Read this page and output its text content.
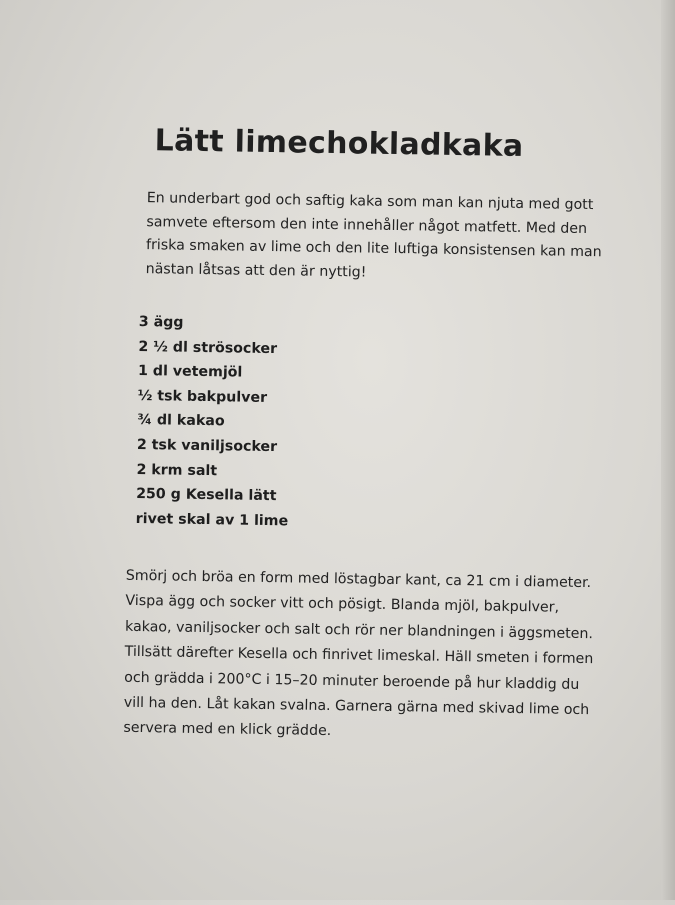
Lätt limechokladkaka

En underbart god och saftig kaka som man kan njuta med gott
samvete eftersom den inte innehåller något matfett. Med den
friska smaken av lime och den lite luftiga konsistensen kan man
nästan låtsas att den är nyttig!

3 ägg
2 ½ dl strösocker
1 dl vetemjöl
½ tsk bakpulver
¾ dl kakao
2 tsk vaniljsocker
2 krm salt
250 g Kesella lätt
rivet skal av 1 lime

Smörj och bröa en form med löstagbar kant, ca 21 cm i diameter.
Vispa ägg och socker vitt och pösigt. Blanda mjöl, bakpulver,
kakao, vaniljsocker och salt och rör ner blandningen i äggsmeten.
Tillsätt därefter Kesella och finrivet limeskal. Häll smeten i formen
och grädda i 200°C i 15–20 minuter beroende på hur kladdig du
vill ha den. Låt kakan svalna. Garnera gärna med skivad lime och
servera med en klick grädde.
